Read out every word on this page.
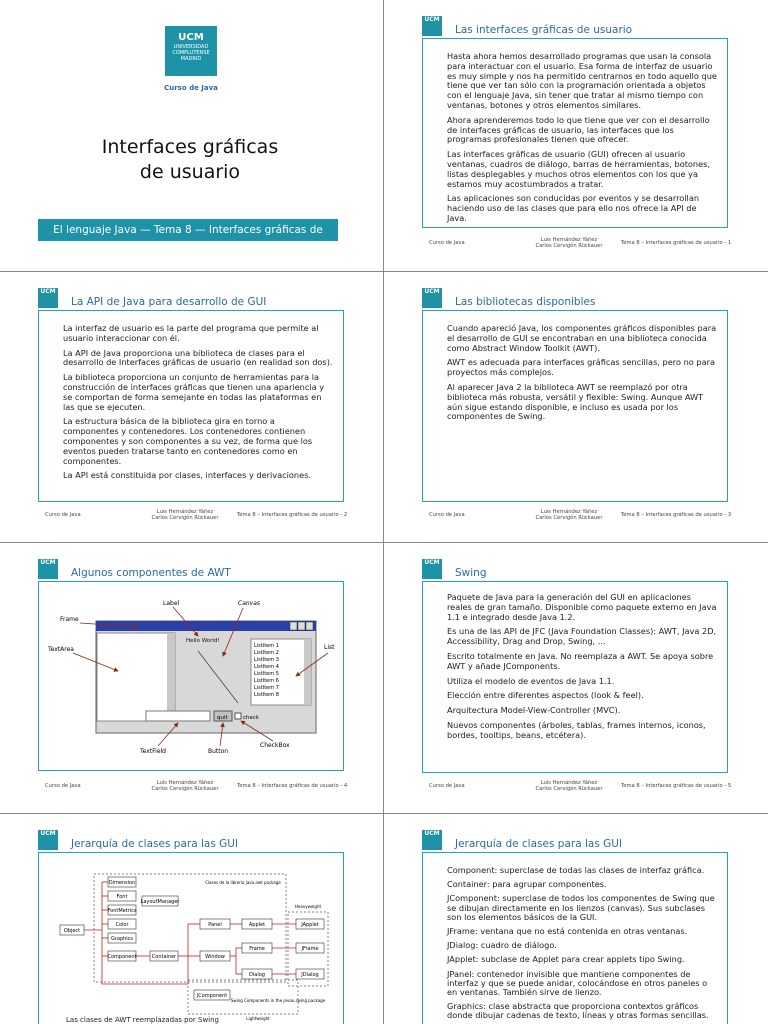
UCM
UNIVERSIDAD COMPLUTENSE MADRID
Curso de Java
Interfaces gráficas
de usuario
El lenguaje Java — Tema 8 — Interfaces gráficas de usuario
UCM
Las interfaces gráficas de usuario

Hasta ahora hemos desarrollado programas que usan la consola para interactuar con el usuario. Esa forma de interfaz de usuario es muy simple y nos ha permitido centrarnos en todo aquello que tiene que ver tan sólo con la programación orientada a objetos con el lenguaje Java, sin tener que tratar al mismo tiempo con ventanas, botones y otros elementos similares.

Ahora aprenderemos todo lo que tiene que ver con el desarrollo de interfaces gráficas de usuario, las interfaces que los programas profesionales tienen que ofrecer.

Las interfaces gráficas de usuario (GUI) ofrecen al usuario ventanas, cuadros de diálogo, barras de herramientas, botones, listas desplegables y muchos otros elementos con los que ya estamos muy acostumbrados a tratar.

Las aplicaciones son conducidas por eventos y se desarrollan haciendo uso de las clases que para ello nos ofrece la API de Java.

Curso de Java	Luis Hernández Yáñez
Carlos Cervigón Rückauer	Tema 8 – Interfaces gráficas de usuario - 1
UCM
La API de Java para desarrollo de GUI

La interfaz de usuario es la parte del programa que permite al usuario interaccionar con él.

La API de Java proporciona una biblioteca de clases para el desarrollo de Interfaces gráficas de usuario (en realidad son dos).

La biblioteca proporciona un conjunto de herramientas para la construcción de interfaces gráficas que tienen una apariencia y se comportan de forma semejante en todas las plataformas en las que se ejecuten.

La estructura básica de la biblioteca gira en torno a componentes y contenedores. Los contenedores contienen componentes y son componentes a su vez, de forma que los eventos pueden tratarse tanto en contenedores como en componentes.

La API está constituida por clases, interfaces y derivaciones.

Curso de Java	Luis Hernández Yáñez
Carlos Cervigón Rückauer	Tema 8 – Interfaces gráficas de usuario - 2
UCM
Las bibliotecas disponibles

Cuando apareció Java, los componentes gráficos disponibles para el desarrollo de GUI se encontraban en una biblioteca conocida como Abstract Window Toolkit (AWT).

AWT es adecuada para interfaces gráficas sencillas, pero no para proyectos más complejos.

Al aparecer Java 2 la biblioteca AWT se reemplazó por otra biblioteca más robusta, versátil y flexible: Swing. Aunque AWT aún sigue estando disponible, e incluso es usada por los componentes de Swing.

Curso de Java	Luis Hernández Yáñez
Carlos Cervigón Rückauer	Tema 8 – Interfaces gráficas de usuario - 3
UCM
Algunos componentes de AWT
Hello World!
ListItem 1
ListItem 2
ListItem 3
ListItem 4
ListItem 5
ListItem 6
ListItem 7
ListItem 8
quit	check
Label	Canvas
Frame
TextArea	List
TextField	Button
CheckBox
Curso de Java	Luis Hernández Yáñez
Carlos Cervigón Rückauer	Tema 8 – Interfaces gráficas de usuario - 4
UCM
Swing

Paquete de Java para la generación del GUI en aplicaciones reales de gran tamaño. Disponible como paquete externo en Java 1.1 e integrado desde Java 1.2.

Es una de las API de JFC (Java Foundation Classes): AWT, Java 2D, Accessibility, Drag and Drop, Swing, ...

Escrito totalmente en Java. No reemplaza a AWT. Se apoya sobre AWT y añade JComponents.

Utiliza el modelo de eventos de Java 1.1.

Elección entre diferentes aspectos (look & feel).

Arquitectura Model-View-Controller (MVC).

Nuevos componentes (árboles, tablas, frames internos, iconos, bordes, tooltips, beans, etcétera).

Curso de Java	Luis Hernández Yáñez
Carlos Cervigón Rückauer	Tema 8 – Interfaces gráficas de usuario - 5
UCM
Jerarquía de clases para las GUI
Object
Dimension
Font
FontMetrics
Color
Graphics
Component	Container
LayoutManager
Panel	Applet
Window
Frame
Dialog
JApplet
JFrame
JDialog
JComponent
Clases de la librería java.awt package
Heavyweight
Swing Components in the javax.swing package
Lightweight
Las clases de AWT reemplazadas por Swing
UCM
Jerarquía de clases para las GUI

Component: superclase de todas las clases de interfaz gráfica.

Container: para agrupar componentes.

JComponent: superclase de todos los componentes de Swing que se dibujan directamente en los lienzos (canvas). Sus subclases son los elementos básicos de la GUI.

JFrame: ventana que no está contenida en otras ventanas.

JDialog: cuadro de diálogo.

JApplet: subclase de Applet para crear applets tipo Swing.

JPanel: contenedor invisible que mantiene componentes de interfaz y que se puede anidar, colocándose en otros paneles o en ventanas. También sirve de lienzo.

Graphics: clase abstracta que proporciona contextos gráficos donde dibujar cadenas de texto, líneas y otras formas sencillas.
